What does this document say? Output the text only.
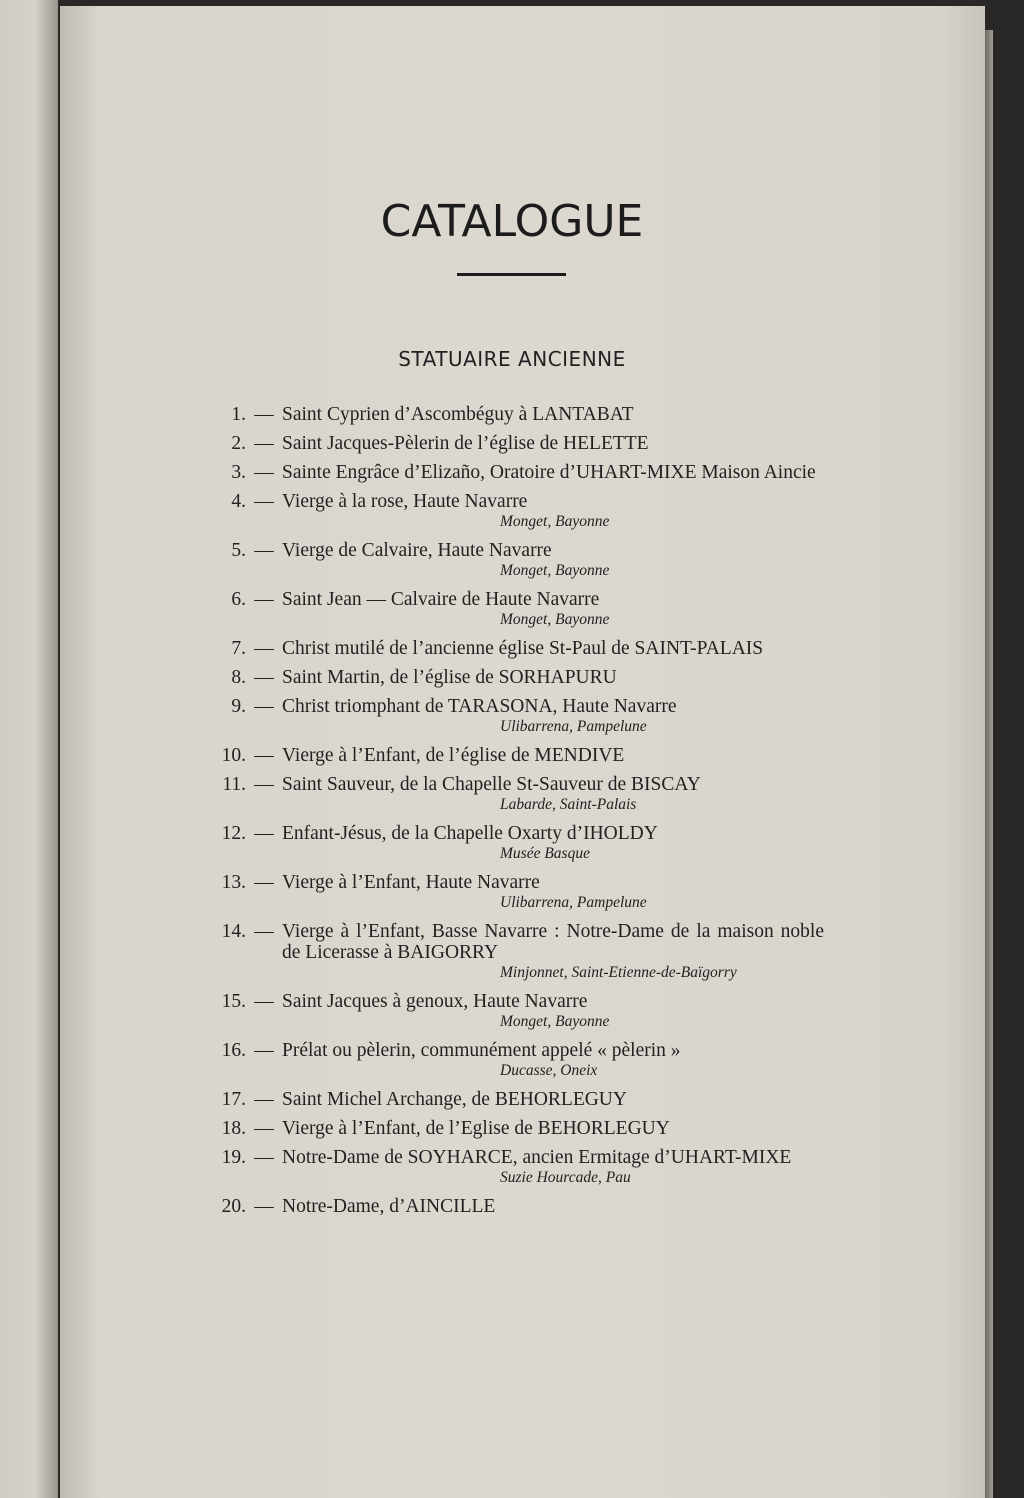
CATALOGUE
STATUAIRE ANCIENNE
1. — Saint Cyprien d’Ascombéguy à LANTABAT
2. — Saint Jacques-Pèlerin de l’église de HELETTE
3. — Sainte Engrâce d’Elizaño, Oratoire d’UHART-MIXE Maison Aincie
4. — Vierge à la rose, Haute Navarre
Monget, Bayonne
5. — Vierge de Calvaire, Haute Navarre
Monget, Bayonne
6. — Saint Jean — Calvaire de Haute Navarre
Monget, Bayonne
7. — Christ mutilé de l’ancienne église St-Paul de SAINT-PALAIS
8. — Saint Martin, de l’église de SORHAPURU
9. — Christ triomphant de TARASONA, Haute Navarre
Ulibarrena, Pampelune
10. — Vierge à l’Enfant, de l’église de MENDIVE
11. — Saint Sauveur, de la Chapelle St-Sauveur de BISCAY
Labarde, Saint-Palais
12. — Enfant-Jésus, de la Chapelle Oxarty d’IHOLDY
Musée Basque
13. — Vierge à l’Enfant, Haute Navarre
Ulibarrena, Pampelune
14. — Vierge à l’Enfant, Basse Navarre : Notre-Dame de la maison noble de Licerasse à BAIGORRY
Minjonnet, Saint-Etienne-de-Baïgorry
15. — Saint Jacques à genoux, Haute Navarre
Monget, Bayonne
16. — Prélat ou pèlerin, communément appelé « pèlerin »
Ducasse, Oneix
17. — Saint Michel Archange, de BEHORLEGUY
18. — Vierge à l’Enfant, de l’Eglise de BEHORLEGUY
19. — Notre-Dame de SOYHARCE, ancien Ermitage d’UHART-MIXE
Suzie Hourcade, Pau
20. — Notre-Dame, d’AINCILLE
